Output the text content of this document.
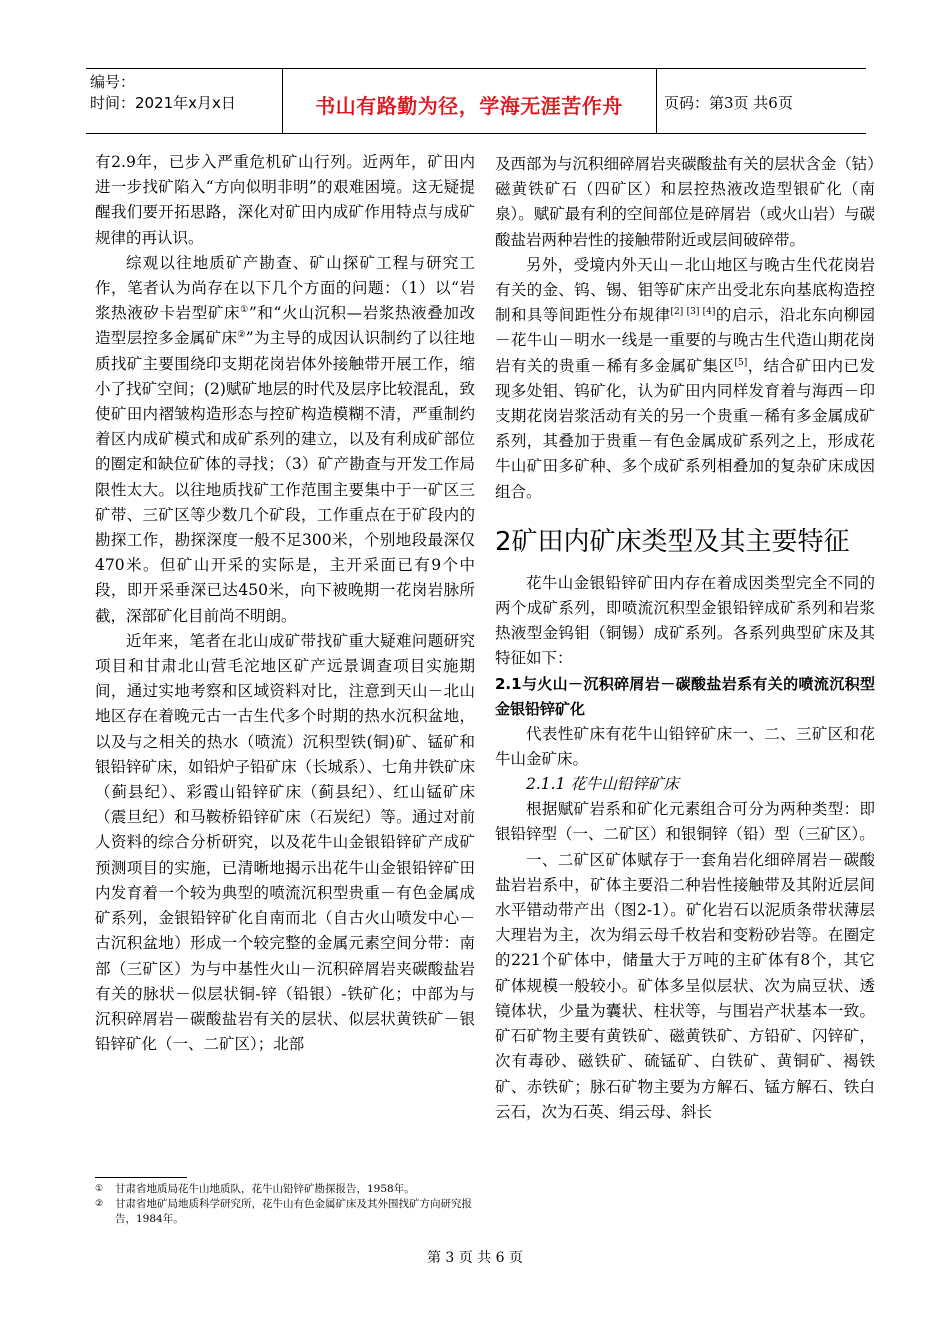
编号：
时间：2021年x月x日	书山有路勤为径，学海无涯苦作舟	页码：第3页 共6页

有2.9年，已步入严重危机矿山行列。近两年，矿田内进一步找矿陷入“方向似明非明”的艰难困境。这无疑提醒我们要开拓思路，深化对矿田内成矿作用特点与成矿规律的再认识。

综观以往地质矿产勘查、矿山探矿工程与研究工作，笔者认为尚存在以下几个方面的问题：（1）以“岩浆热液矽卡岩型矿床①”和“火山沉积—岩浆热液叠加改造型层控多金属矿床②”为主导的成因认识制约了以往地质找矿主要围绕印支期花岗岩体外接触带开展工作，缩小了找矿空间；(2)赋矿地层的时代及层序比较混乱，致使矿田内褶皱构造形态与控矿构造模糊不清，严重制约着区内成矿模式和成矿系列的建立，以及有利成矿部位的圈定和缺位矿体的寻找；（3）矿产勘查与开发工作局限性太大。以往地质找矿工作范围主要集中于一矿区三矿带、三矿区等少数几个矿段，工作重点在于矿段内的勘探工作，勘探深度一般不足300米，个别地段最深仅470米。但矿山开采的实际是，主开采面已有9个中段，即开采垂深已达450米，向下被晚期一花岗岩脉所截，深部矿化目前尚不明朗。

近年来，笔者在北山成矿带找矿重大疑难问题研究项目和甘肃北山营毛沱地区矿产远景调查项目实施期间，通过实地考察和区域资料对比，注意到天山－北山地区存在着晚元古一古生代多个时期的热水沉积盆地，以及与之相关的热水（喷流）沉积型铁(铜)矿、锰矿和银铅锌矿床，如铅炉子铅矿床（长城系）、七角井铁矿床（蓟县纪）、彩霞山铅锌矿床（蓟县纪）、红山锰矿床（震旦纪）和马鞍桥铅锌矿床（石炭纪）等。通过对前人资料的综合分析研究，以及花牛山金银铅锌矿产成矿预测项目的实施，已清晰地揭示出花牛山金银铅锌矿田内发育着一个较为典型的喷流沉积型贵重－有色金属成矿系列，金银铅锌矿化自南而北（自古火山喷发中心－古沉积盆地）形成一个较完整的金属元素空间分带：南部（三矿区）为与中基性火山－沉积碎屑岩夹碳酸盐岩有关的脉状－似层状铜-锌（铅银）-铁矿化；中部为与沉积碎屑岩－碳酸盐岩有关的层状、似层状黄铁矿－银铅锌矿化（一、二矿区）；北部

①	甘肃省地质局花牛山地质队，花牛山铅锌矿勘探报告，1958年。
②	甘肃省地矿局地质科学研究所，花牛山有色金属矿床及其外围找矿方向研究报告，1984年。

及西部为与沉积细碎屑岩夹碳酸盐有关的层状含金（钴）磁黄铁矿石（四矿区）和层控热液改造型银矿化（南泉）。赋矿最有利的空间部位是碎屑岩（或火山岩）与碳酸盐岩两种岩性的接触带附近或层间破碎带。

另外，受境内外天山－北山地区与晚古生代花岗岩有关的金、钨、锡、钼等矿床产出受北东向基底构造控制和具等间距性分布规律[2] [3] [4]的启示，沿北东向柳园－花牛山－明水一线是一重要的与晚古生代造山期花岗岩有关的贵重－稀有多金属矿集区[5]，结合矿田内已发现多处钼、钨矿化，认为矿田内同样发育着与海西－印支期花岗岩浆活动有关的另一个贵重－稀有多金属成矿系列，其叠加于贵重－有色金属成矿系列之上，形成花牛山矿田多矿种、多个成矿系列相叠加的复杂矿床成因组合。

2矿田内矿床类型及其主要特征

花牛山金银铅锌矿田内存在着成因类型完全不同的两个成矿系列，即喷流沉积型金银铅锌成矿系列和岩浆热液型金钨钼（铜锡）成矿系列。各系列典型矿床及其特征如下：

2.1与火山－沉积碎屑岩－碳酸盐岩系有关的喷流沉积型金银铅锌矿化

代表性矿床有花牛山铅锌矿床一、二、三矿区和花牛山金矿床。

2.1.1 花牛山铅锌矿床

根据赋矿岩系和矿化元素组合可分为两种类型：即银铅锌型（一、二矿区）和银铜锌（铅）型（三矿区）。

一、二矿区矿体赋存于一套角岩化细碎屑岩－碳酸盐岩岩系中，矿体主要沿二种岩性接触带及其附近层间水平错动带产出（图2-1）。矿化岩石以泥质条带状薄层大理岩为主，次为绢云母千枚岩和变粉砂岩等。在圈定的221个矿体中，储量大于万吨的主矿体有8个，其它矿体规模一般较小。矿体多呈似层状、次为扁豆状、透镜体状，少量为囊状、柱状等，与围岩产状基本一致。矿石矿物主要有黄铁矿、磁黄铁矿、方铅矿、闪锌矿，次有毒砂、磁铁矿、硫锰矿、白铁矿、黄铜矿、褐铁矿、赤铁矿；脉石矿物主要为方解石、锰方解石、铁白云石，次为石英、绢云母、斜长

第 3 页 共 6 页
